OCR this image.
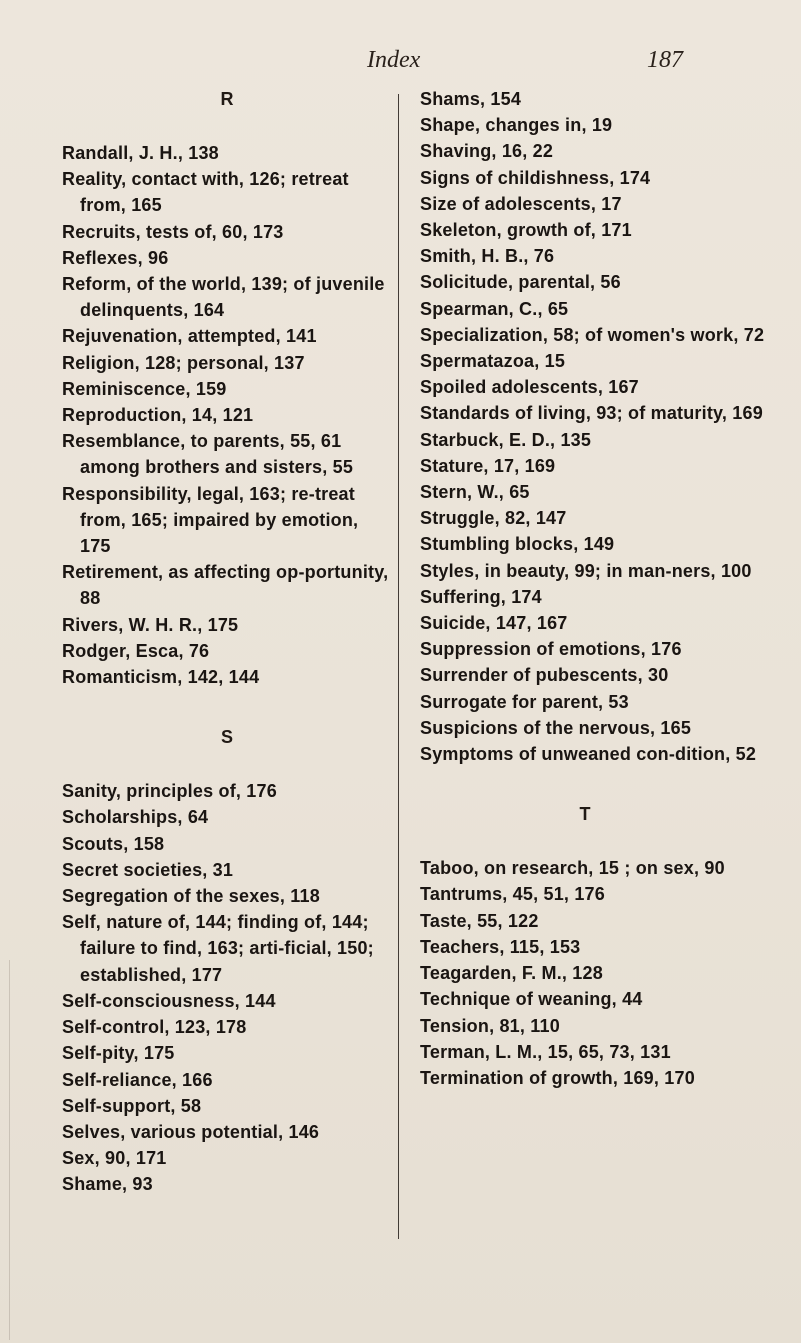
Index	187
R

Randall, J. H., 138

Reality, contact with, 126; retreat from, 165

Recruits, tests of, 60, 173

Reflexes, 96

Reform, of the world, 139; of juvenile delinquents, 164

Rejuvenation, attempted, 141

Religion, 128; personal, 137

Reminiscence, 159

Reproduction, 14, 121

Resemblance, to parents, 55, 61 among brothers and sisters, 55

Responsibility, legal, 163; re-treat from, 165; impaired by emotion, 175

Retirement, as affecting op-portunity, 88

Rivers, W. H. R., 175

Rodger, Esca, 76

Romanticism, 142, 144

S

Sanity, principles of, 176

Scholarships, 64

Scouts, 158

Secret societies, 31

Segregation of the sexes, 118

Self, nature of, 144; finding of, 144; failure to find, 163; arti-ficial, 150; established, 177

Self-consciousness, 144

Self-control, 123, 178

Self-pity, 175

Self-reliance, 166

Self-support, 58

Selves, various potential, 146

Sex, 90, 171

Shame, 93

Shams, 154

Shape, changes in, 19

Shaving, 16, 22

Signs of childishness, 174

Size of adolescents, 17

Skeleton, growth of, 171

Smith, H. B., 76

Solicitude, parental, 56

Spearman, C., 65

Specialization, 58; of women's work, 72

Spermatazoa, 15

Spoiled adolescents, 167

Standards of living, 93; of maturity, 169

Starbuck, E. D., 135

Stature, 17, 169

Stern, W., 65

Struggle, 82, 147

Stumbling blocks, 149

Styles, in beauty, 99; in man-ners, 100

Suffering, 174

Suicide, 147, 167

Suppression of emotions, 176

Surrender of pubescents, 30

Surrogate for parent, 53

Suspicions of the nervous, 165

Symptoms of unweaned con-dition, 52

T

Taboo, on research, 15 ; on sex, 90

Tantrums, 45, 51, 176

Taste, 55, 122

Teachers, 115, 153

Teagarden, F. M., 128

Technique of weaning, 44

Tension, 81, 110

Terman, L. M., 15, 65, 73, 131

Termination of growth, 169, 170
